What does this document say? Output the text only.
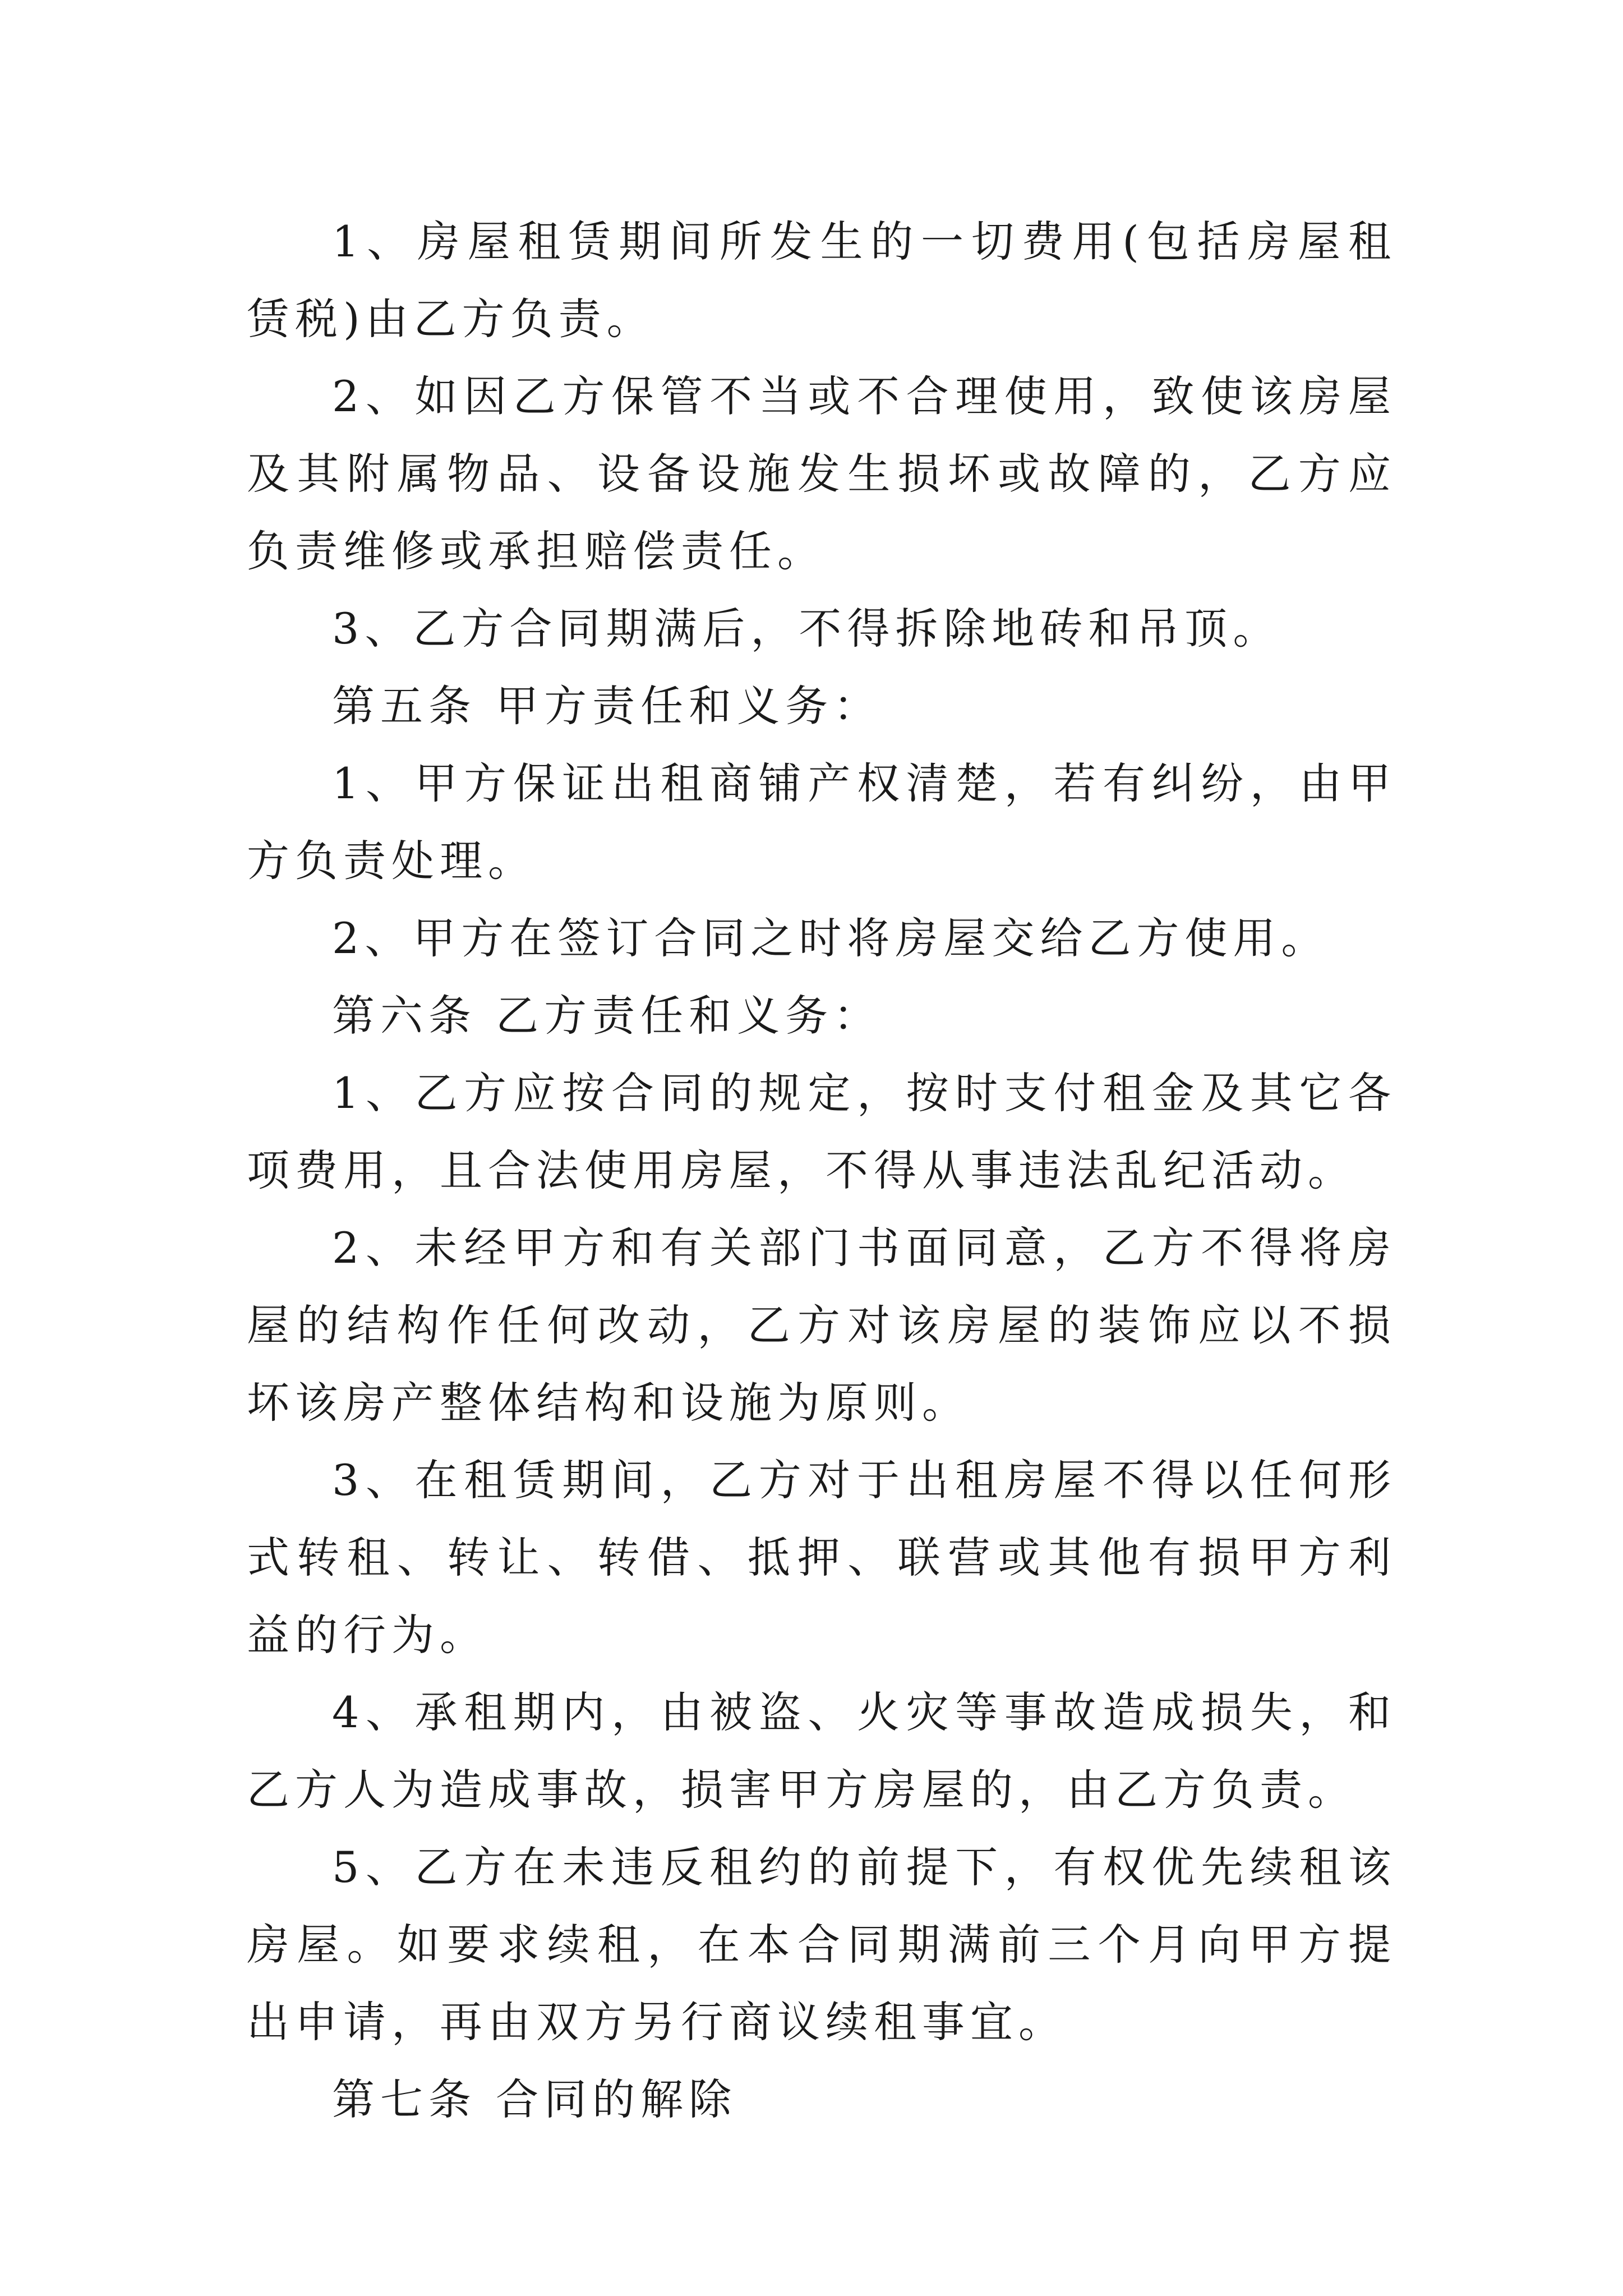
1、房屋租赁期间所发生的一切费用(包括房屋租赁税)由乙方负责。

2、如因乙方保管不当或不合理使用，致使该房屋及其附属物品、设备设施发生损坏或故障的，乙方应负责维修或承担赔偿责任。

3、乙方合同期满后，不得拆除地砖和吊顶。

第五条 甲方责任和义务：

1、甲方保证出租商铺产权清楚，若有纠纷，由甲方负责处理。

2、甲方在签订合同之时将房屋交给乙方使用。

第六条 乙方责任和义务：

1、乙方应按合同的规定，按时支付租金及其它各项费用，且合法使用房屋，不得从事违法乱纪活动。

2、未经甲方和有关部门书面同意，乙方不得将房屋的结构作任何改动，乙方对该房屋的装饰应以不损坏该房产整体结构和设施为原则。

3、在租赁期间，乙方对于出租房屋不得以任何形式转租、转让、转借、抵押、联营或其他有损甲方利益的行为。

4、承租期内，由被盗、火灾等事故造成损失，和乙方人为造成事故，损害甲方房屋的，由乙方负责。

5、乙方在未违反租约的前提下，有权优先续租该房屋。如要求续租，在本合同期满前三个月向甲方提出申请，再由双方另行商议续租事宜。

第七条 合同的解除
